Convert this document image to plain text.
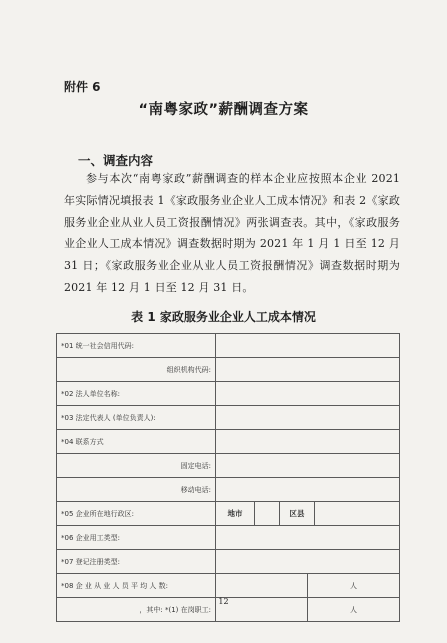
附件 6
“南粤家政”薪酬调查方案
一、调查内容
参与本次“南粤家政”薪酬调查的样本企业应按照本企业 2021 年实际情况填报表 1《家政服务业企业人工成本情况》和表 2《家政服务业企业从业人员工资报酬情况》两张调查表。其中，《家政服务业企业人工成本情况》调查数据时期为 2021 年 1 月 1 日至 12 月 31 日；《家政服务业企业从业人员工资报酬情况》调查数据时期为 2021 年 12 月 1 日至 12 月 31 日。
表 1 家政服务业企业人工成本情况
*01 统一社会信用代码:		
组织机构代码:		
*02 法人单位名称:		
*03 法定代表人 (单位负责人):		
*04 联系方式		
固定电话:		
移动电话:		
*05 企业所在地行政区:	地市 区县	

*06 企业用工类型:		
*07 登记注册类型:		
*08 企 业 从 业 人 员 平 均 人 数:		人
，其中: *(1) 在岗职工:		人
12
